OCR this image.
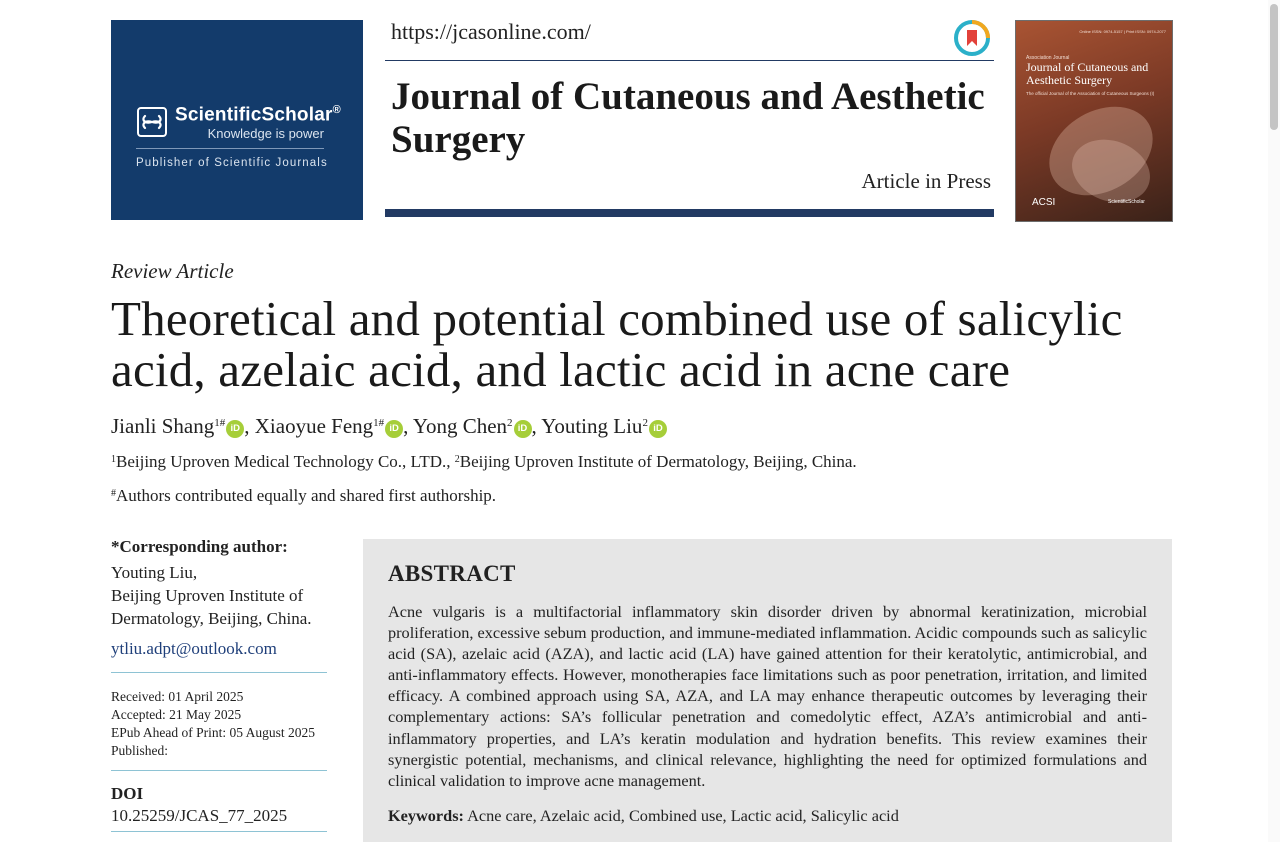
ScientificScholar®
Knowledge is power
Publisher of Scientific Journals
https://jcasonline.com/
Journal of Cutaneous and Aesthetic Surgery
Article in Press
Online ISSN: 0974-5157 | Print ISSN: 0974-2077
Association Journal
Journal of Cutaneous and Aesthetic Surgery
The official Journal of the Association of Cutaneous Surgeons (I)
ACSI	ScientificScholar
Review Article
Theoretical and potential combined use of salicylic acid, azelaic acid, and lactic acid in acne care
Jianli Shang$^{1\#}$ iD , Xiaoyue Feng$^{1\#}$ iD , Yong Chen$^2$ iD , Youting Liu$^2$ iD
$^1$Beijing Uproven Medical Technology Co., LTD., $^2$Beijing Uproven Institute of Dermatology, Beijing, China.
#Authors contributed equally and shared first authorship.
*Corresponding author:
Youting Liu,
Beijing Uproven Institute of
Dermatology, Beijing, China.
ytliu.adpt@outlook.com
Received: 01 April 2025
Accepted: 21 May 2025
EPub Ahead of Print: 05 August 2025
Published:
DOI
10.25259/JCAS_77_2025
ABSTRACT
Acne vulgaris is a multifactorial inflammatory skin disorder driven by abnormal keratinization, microbial proliferation, excessive sebum production, and immune-mediated inflammation. Acidic compounds such as salicylic acid (SA), azelaic acid (AZA), and lactic acid (LA) have gained attention for their keratolytic, antimicrobial, and anti-inflammatory effects. However, monotherapies face limitations such as poor penetration, irritation, and limited efficacy. A combined approach using SA, AZA, and LA may enhance therapeutic outcomes by leveraging their complementary actions: SA’s follicular penetration and comedolytic effect, AZA’s antimicrobial and anti-inflammatory properties, and LA’s keratin modulation and hydration benefits. This review examines their synergistic potential, mechanisms, and clinical relevance, highlighting the need for optimized formulations and clinical validation to improve acne management.
Keywords: Acne care, Azelaic acid, Combined use, Lactic acid, Salicylic acid
